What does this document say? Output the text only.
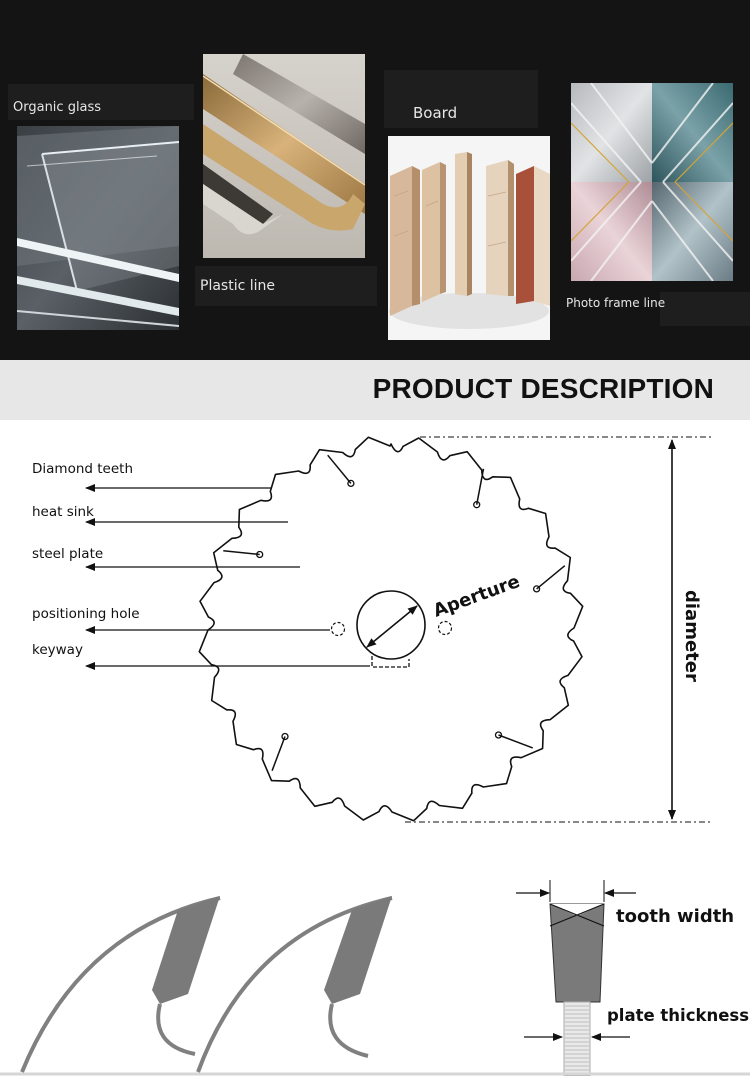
Organic glass
Plastic line
Board
Photo frame line
PRODUCT DESCRIPTION
Aperture
Diamond teeth
heat sink
steel plate
positioning hole
keyway	diameter
tooth width
plate thickness
